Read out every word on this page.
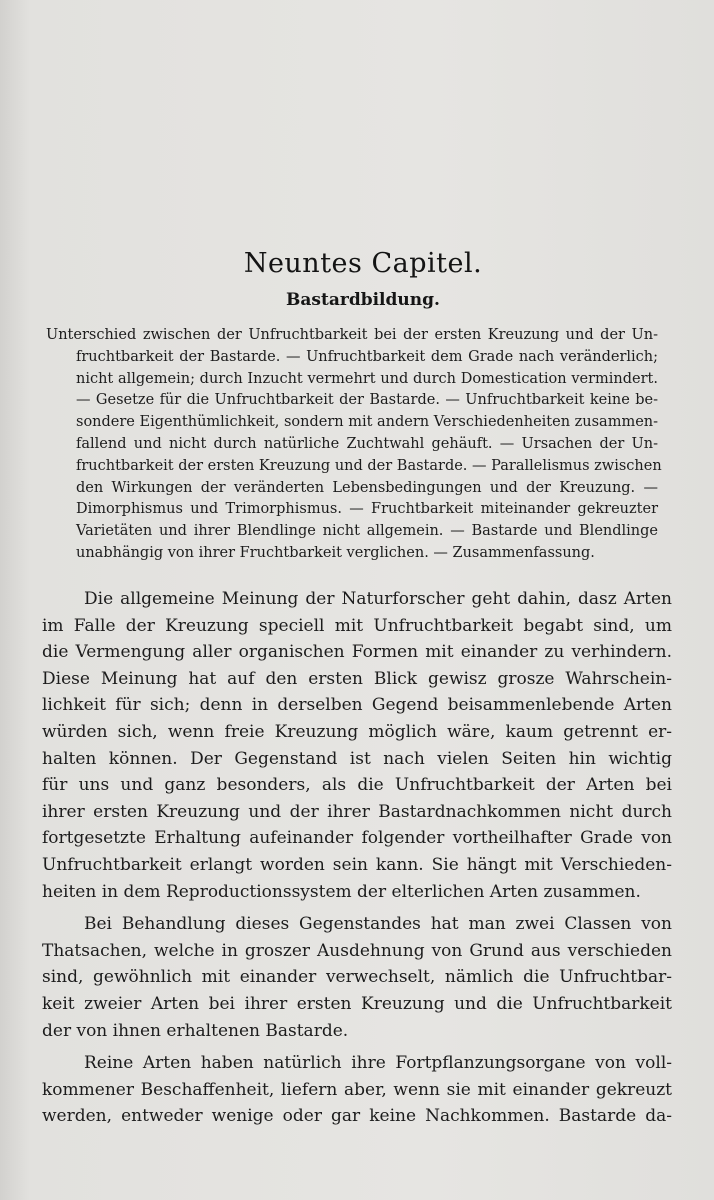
Neuntes Capitel.
Bastardbildung.
Unterschied zwischen der Unfruchtbarkeit bei der ersten Kreuzung und der Un-
fruchtbarkeit der Bastarde. — Unfruchtbarkeit dem Grade nach veränderlich;
nicht allgemein; durch Inzucht vermehrt und durch Domestication vermindert.
— Gesetze für die Unfruchtbarkeit der Bastarde. — Unfruchtbarkeit keine be-
sondere Eigenthümlichkeit, sondern mit andern Verschiedenheiten zusammen-
fallend und nicht durch natürliche Zuchtwahl gehäuft. — Ursachen der Un-
fruchtbarkeit der ersten Kreuzung und der Bastarde. — Parallelismus zwischen
den Wirkungen der veränderten Lebensbedingungen und der Kreuzung. —
Dimorphismus und Trimorphismus. — Fruchtbarkeit miteinander gekreuzter
Varietäten und ihrer Blendlinge nicht allgemein. — Bastarde und Blendlinge
unabhängig von ihrer Fruchtbarkeit verglichen. — Zusammenfassung.
Die allgemeine Meinung der Naturforscher geht dahin, dasz Arten
im Falle der Kreuzung speciell mit Unfruchtbarkeit begabt sind, um
die Vermengung aller organischen Formen mit einander zu verhindern.
Diese Meinung hat auf den ersten Blick gewisz grosze Wahrschein-
lichkeit für sich; denn in derselben Gegend beisammenlebende Arten
würden sich, wenn freie Kreuzung möglich wäre, kaum getrennt er-
halten können. Der Gegenstand ist nach vielen Seiten hin wichtig
für uns und ganz besonders, als die Unfruchtbarkeit der Arten bei
ihrer ersten Kreuzung und der ihrer Bastardnachkommen nicht durch
fortgesetzte Erhaltung aufeinander folgender vortheilhafter Grade von
Unfruchtbarkeit erlangt worden sein kann. Sie hängt mit Verschieden-
heiten in dem Reproductionssystem der elterlichen Arten zusammen.
Bei Behandlung dieses Gegenstandes hat man zwei Classen von
Thatsachen, welche in groszer Ausdehnung von Grund aus verschieden
sind, gewöhnlich mit einander verwechselt, nämlich die Unfruchtbar-
keit zweier Arten bei ihrer ersten Kreuzung und die Unfruchtbarkeit
der von ihnen erhaltenen Bastarde.
Reine Arten haben natürlich ihre Fortpflanzungsorgane von voll-
kommener Beschaffenheit, liefern aber, wenn sie mit einander gekreuzt
werden, entweder wenige oder gar keine Nachkommen. Bastarde da-
